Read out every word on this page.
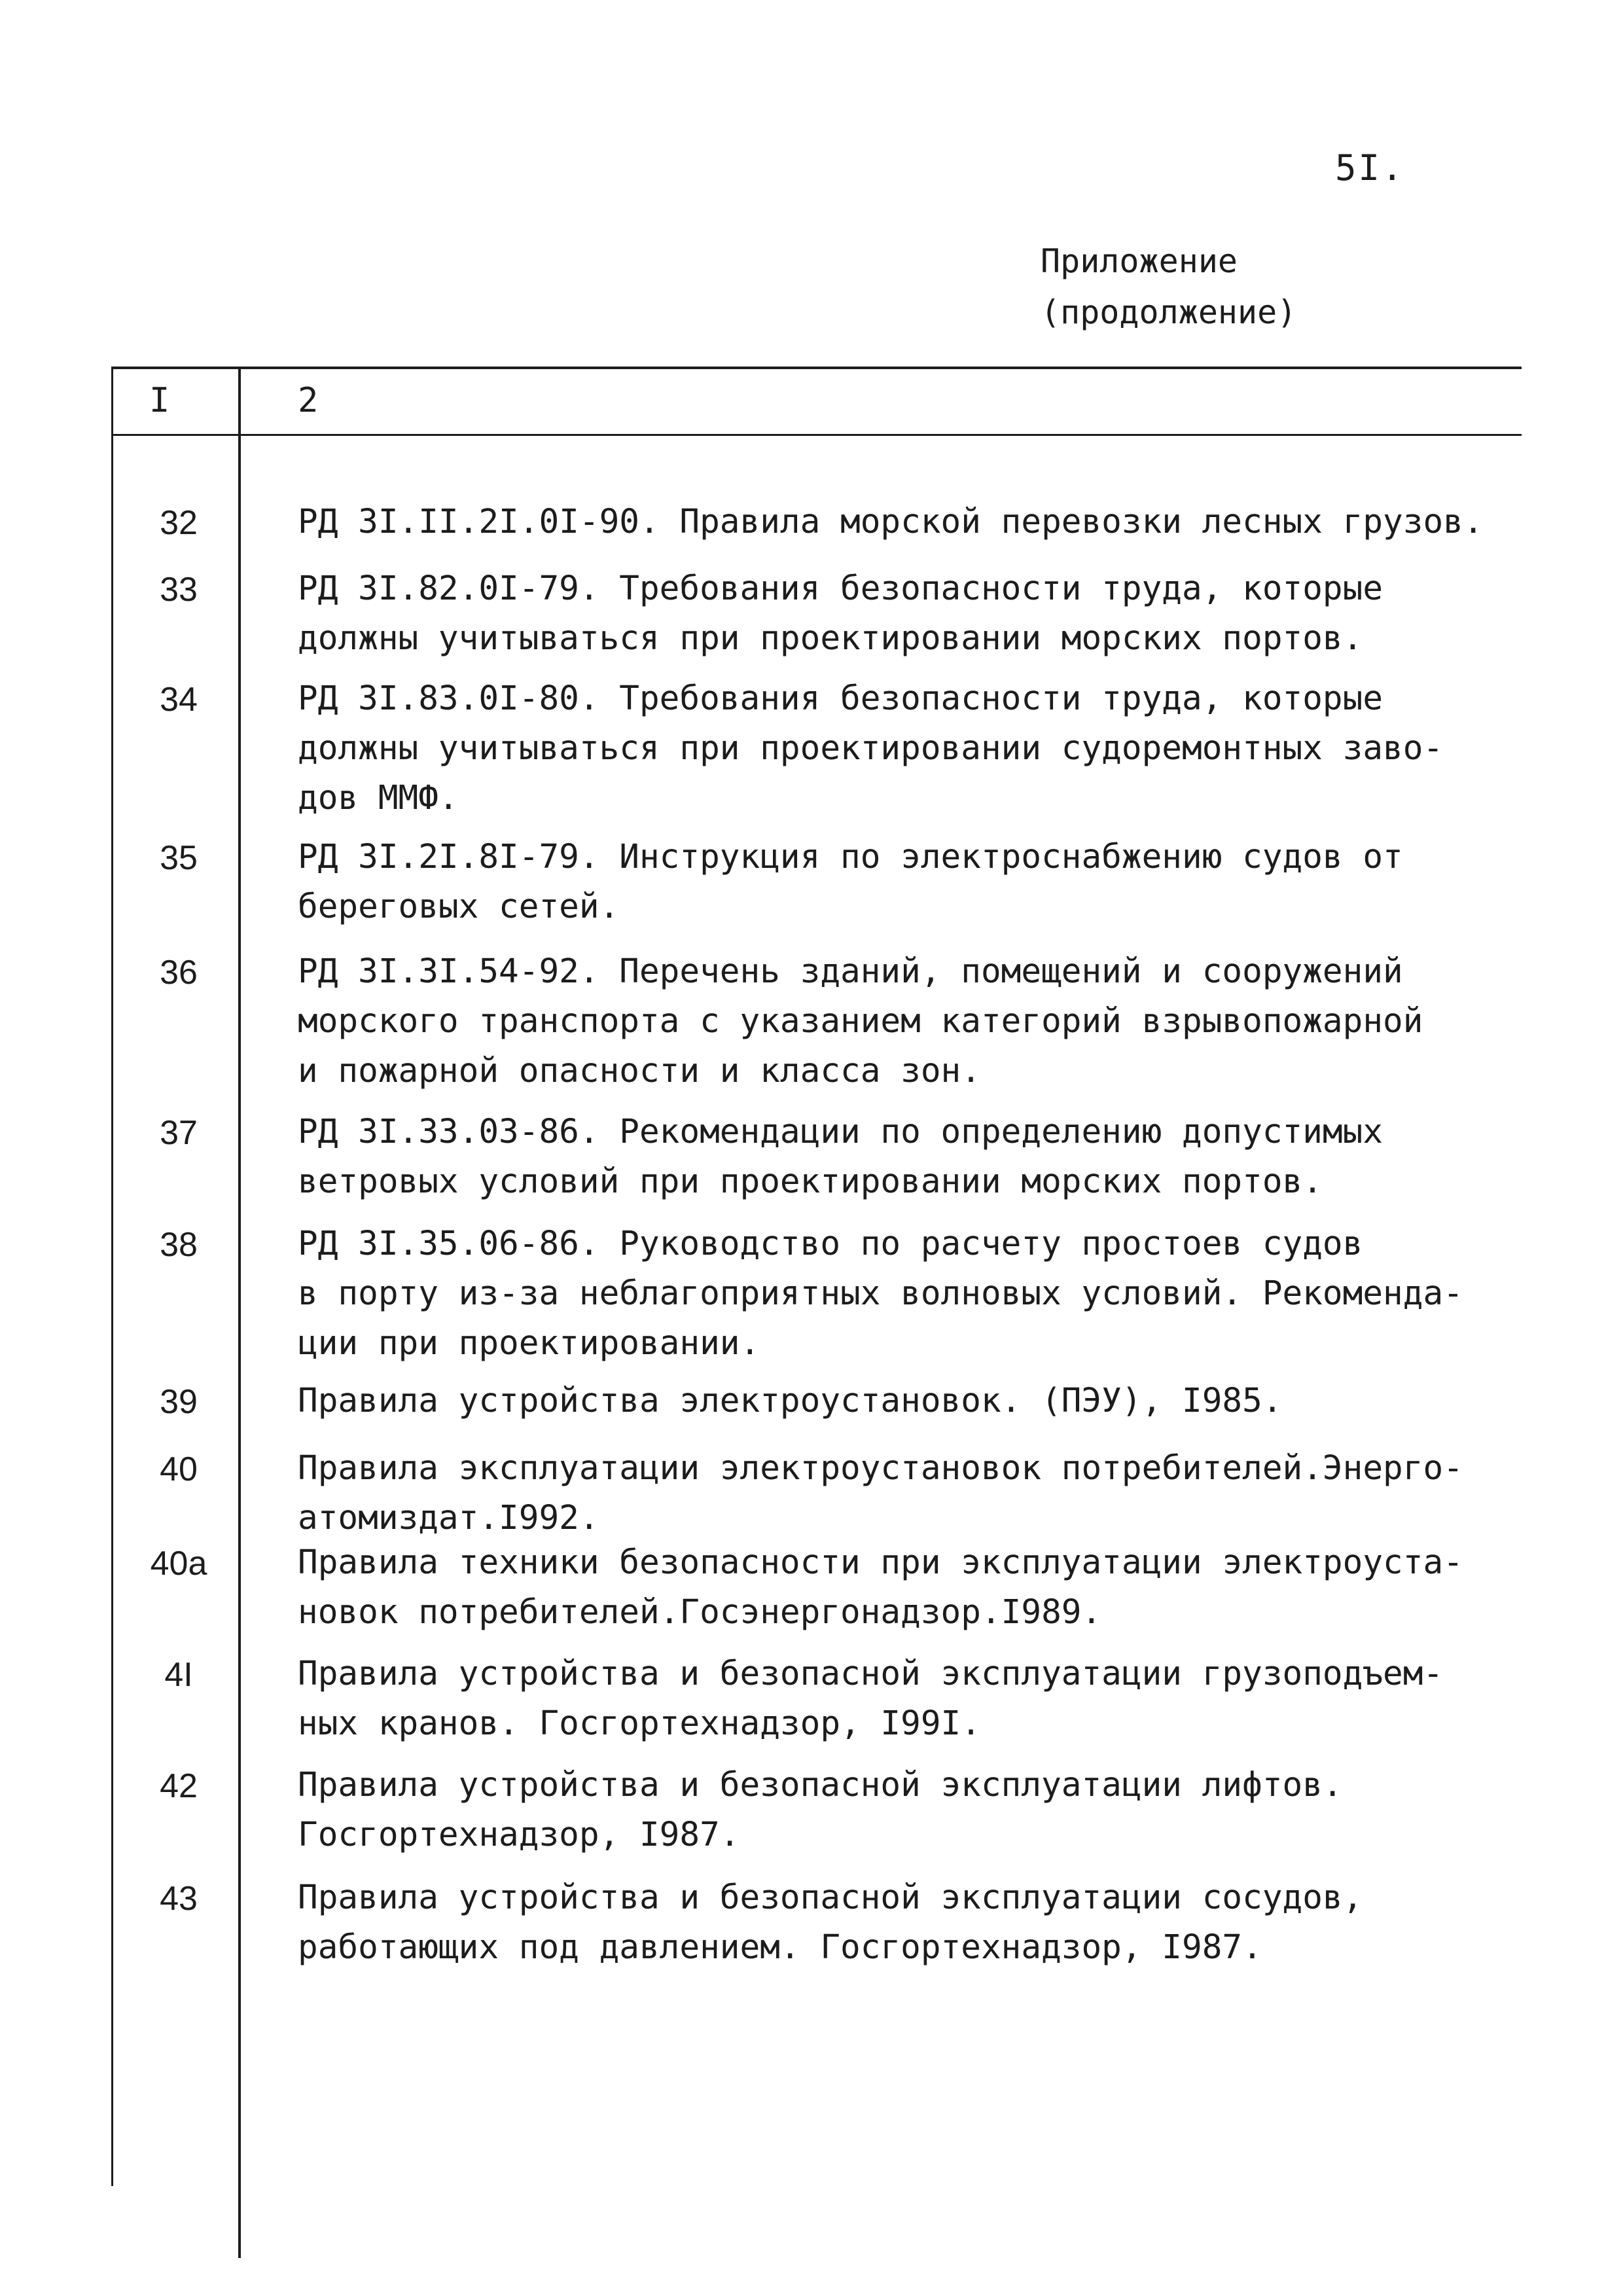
5I.
Приложение
(продолжение)
I	2
32	РД 3I.II.2I.0I-90. Правила морской перевозки лесных грузов.
33	РД 3I.82.0I-79. Требования безопасности труда, которые
должны учитываться при проектировании морских портов.
34	РД 3I.83.0I-80. Требования безопасности труда, которые
должны учитываться при проектировании судоремонтных заво-
дов ММФ.
35	РД 3I.2I.8I-79. Инструкция по электроснабжению судов от
береговых сетей.
36	РД 3I.3I.54-92. Перечень зданий, помещений и сооружений
морского транспорта с указанием категорий взрывопожарной
и пожарной опасности и класса зон.
37	РД 3I.33.03-86. Рекомендации по определению допустимых
ветровых условий при проектировании морских портов.
38	РД 3I.35.06-86. Руководство по расчету простоев судов
в порту из-за неблагоприятных волновых условий. Рекоменда-
ции при проектировании.
39	Правила устройства электроустановок. (ПЭУ), I985.
40	Правила эксплуатации электроустановок потребителей.Энерго-
атомиздат.I992.
40а	Правила техники безопасности при эксплуатации электроуста-
новок потребителей.Госэнергонадзор.I989.
4I	Правила устройства и безопасной эксплуатации грузоподъем-
ных кранов. Госгортехнадзор, I99I.
42	Правила устройства и безопасной эксплуатации лифтов.
Госгортехнадзор, I987.
43	Правила устройства и безопасной эксплуатации сосудов,
работающих под давлением. Госгортехнадзор, I987.
